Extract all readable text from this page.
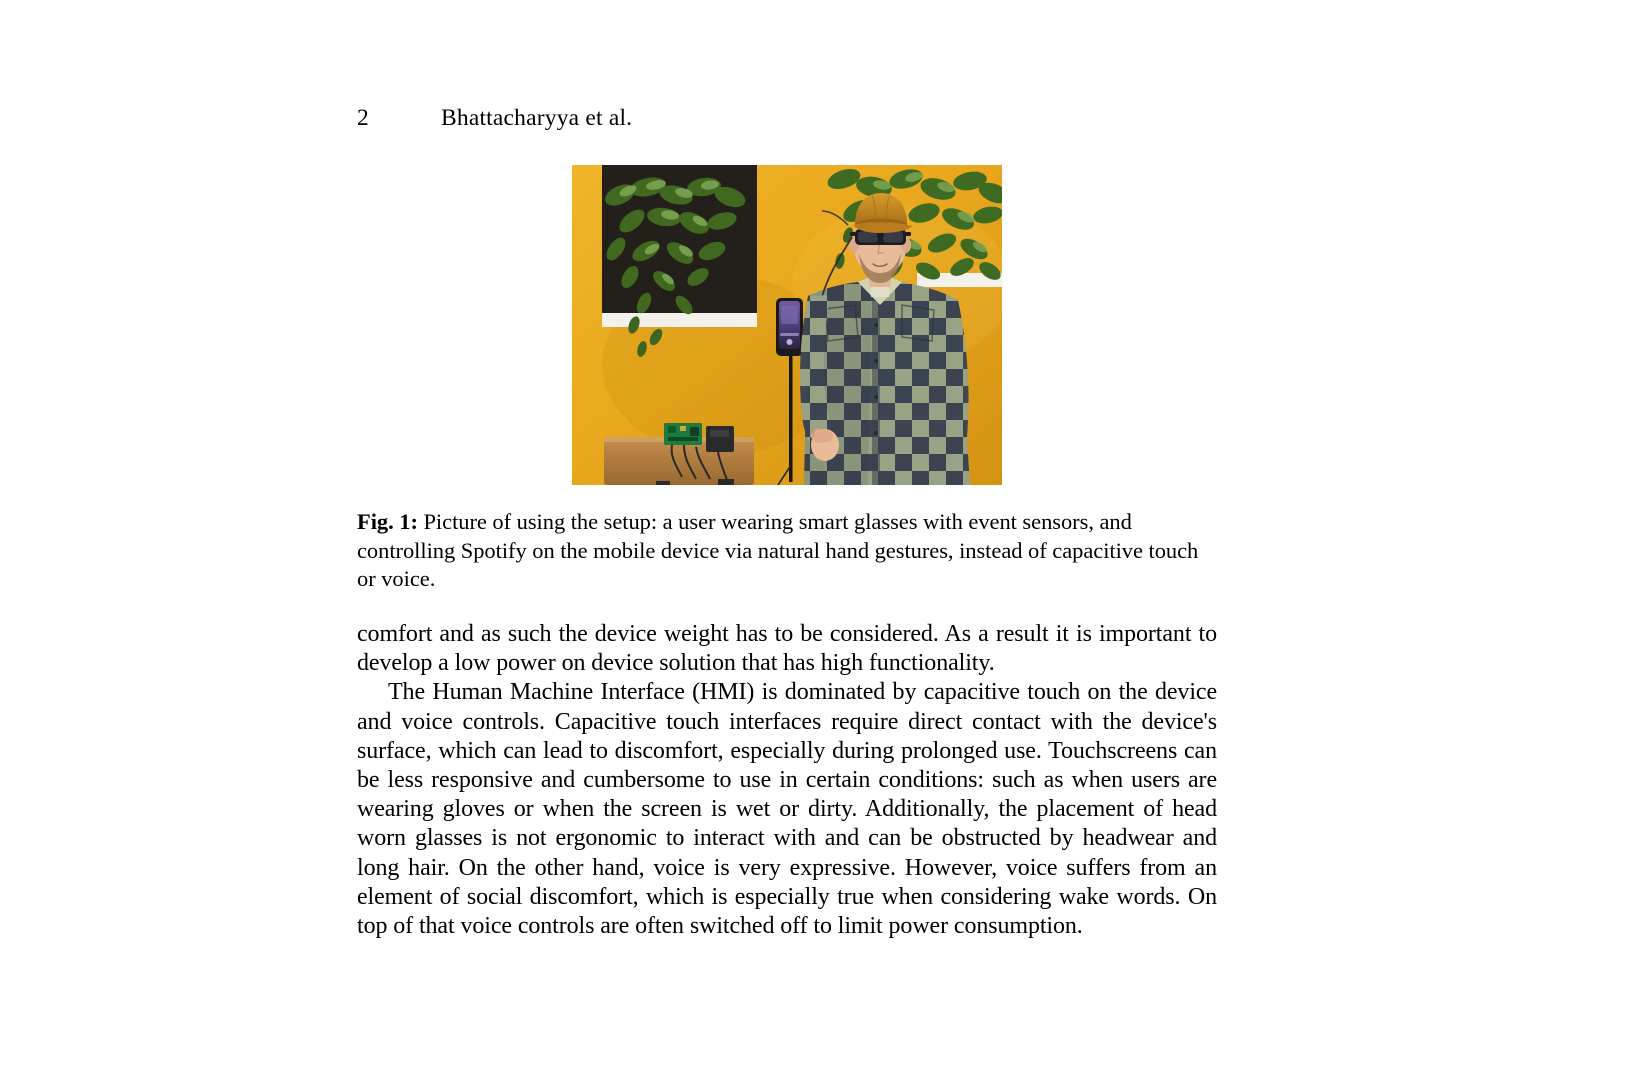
2	Bhattacharyya et al.
Fig. 1: Picture of using the setup: a user wearing smart glasses with event sensors, and controlling Spotify on the mobile device via natural hand gestures, instead of capacitive touch or voice.

comfort and as such the device weight has to be considered. As a result it is important to develop a low power on device solution that has high functionality.

The Human Machine Interface (HMI) is dominated by capacitive touch on the device and voice controls. Capacitive touch interfaces require direct contact with the device's surface, which can lead to discomfort, especially during prolonged use. Touchscreens can be less responsive and cumbersome to use in certain conditions: such as when users are wearing gloves or when the screen is wet or dirty. Additionally, the placement of head worn glasses is not ergonomic to interact with and can be obstructed by headwear and long hair. On the other hand, voice is very expressive. However, voice suffers from an element of social discomfort, which is especially true when considering wake words. On top of that voice controls are often switched off to limit power consumption.
